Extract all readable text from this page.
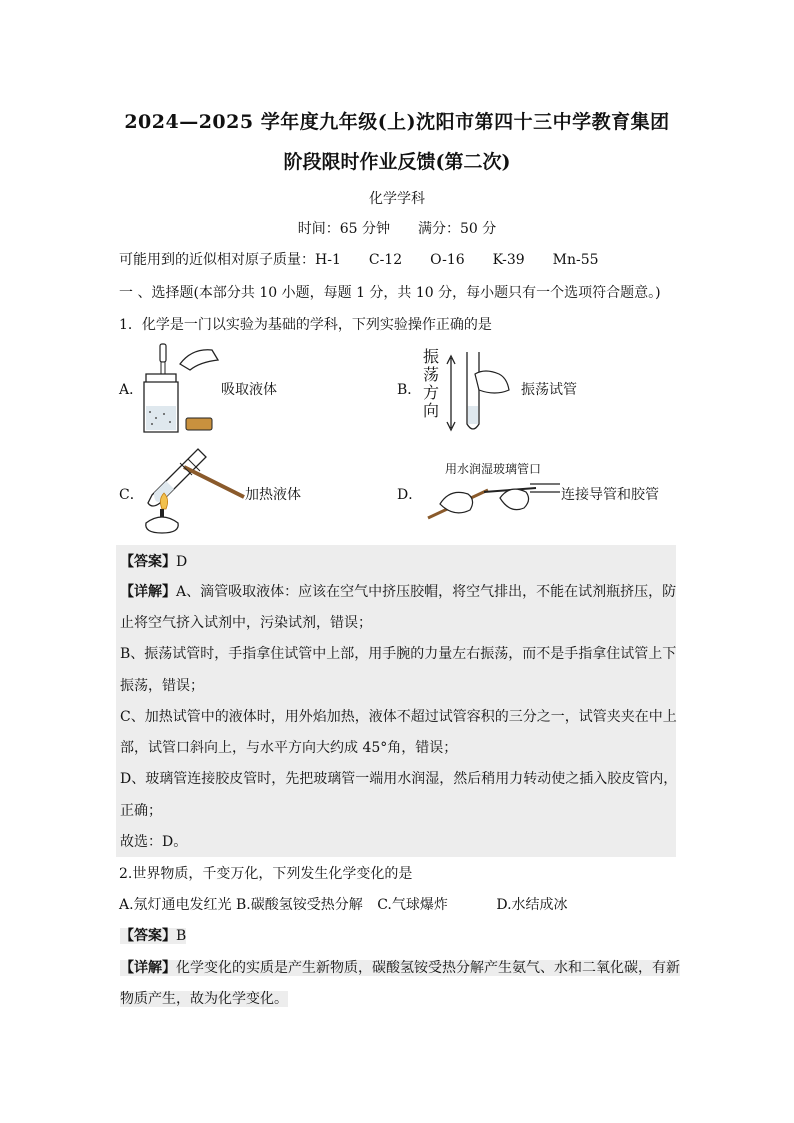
2024—2025 学年度九年级(上)沈阳市第四十三中学教育集团
阶段限时作业反馈(第二次)
化学学科
时间：65 分钟　　满分：50 分
可能用到的近似相对原子质量：H-1 C-12 O-16 K-39 Mn-55
一 、选择题(本部分共 10 小题，每题 1 分，共 10 分，每小题只有一个选项符合题意。)
1．化学是一门以实验为基础的学科，下列实验操作正确的是
A．	吸取液体	B．
振
荡
方
向
振荡试管
C．	加热液体	D．
用水润湿玻璃管口
连接导管和胶管
【答案】D
【详解】A、滴管吸取液体：应该在空气中挤压胶帽，将空气排出，不能在试剂瓶挤压，防
止将空气挤入试剂中，污染试剂，错误；
B、振荡试管时，手指拿住试管中上部，用手腕的力量左右振荡，而不是手指拿住试管上下
振荡，错误；
C、加热试管中的液体时，用外焰加热，液体不超过试管容积的三分之一，试管夹夹在中上
部，试管口斜向上，与水平方向大约成 45°角，错误；
D、玻璃管连接胶皮管时，先把玻璃管一端用水润湿，然后稍用力转动使之插入胶皮管内，
正确；
故选：D。
2.世界物质，千变万化，下列发生化学变化的是
A.氖灯通电发红光 B.碳酸氢铵受热分解 C.气球爆炸	D.水结成冰
【答案】B
【详解】化学变化的实质是产生新物质，碳酸氢铵受热分解产生氨气、水和二氧化碳，有新
物质产生，故为化学变化。
